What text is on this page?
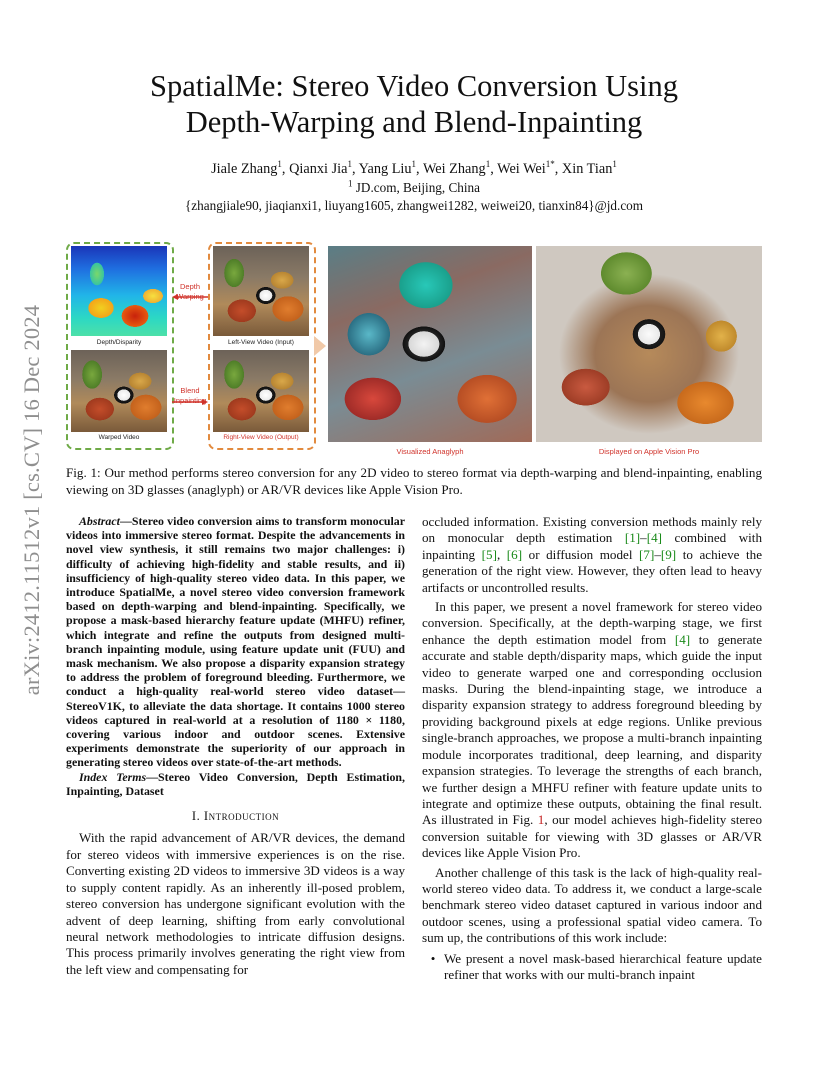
arXiv:2412.11512v1 [cs.CV] 16 Dec 2024
SpatialMe: Stereo Video Conversion Using
Depth-Warping and Blend-Inpainting
Jiale Zhang$^1$, Qianxi Jia$^1$, Yang Liu$^1$, Wei Zhang$^1$, Wei Wei$^{1*}$, Xin Tian$^1$
$^1$ JD.com, Beijing, China
{zhangjiale90, jiaqianxi1, liuyang1605, zhangwei1282, weiwei20, tianxin84}@jd.com
Depth/Disparity
Warped Video
Depth
Warping
Blend
Inpainting
Left-View Video (Input)
Right-View Video (Output)
Visualized Anaglyph	Displayed on Apple Vision Pro
Fig. 1: Our method performs stereo conversion for any 2D video to stereo format via depth-warping and blend-inpainting, enabling viewing on 3D glasses (anaglyph) or AR/VR devices like Apple Vision Pro.

Abstract—Stereo video conversion aims to transform monocular videos into immersive stereo format. Despite the advancements in novel view synthesis, it still remains two major challenges: i) difficulty of achieving high-fidelity and stable results, and ii) insufficiency of high-quality stereo video data. In this paper, we introduce SpatialMe, a novel stereo video conversion framework based on depth-warping and blend-inpainting. Specifically, we propose a mask-based hierarchy feature update (MHFU) refiner, which integrate and refine the outputs from designed multi-branch inpainting module, using feature update unit (FUU) and mask mechanism. We also propose a disparity expansion strategy to address the problem of foreground bleeding. Furthermore, we conduct a high-quality real-world stereo video dataset—StereoV1K, to alleviate the data shortage. It contains 1000 stereo videos captured in real-world at a resolution of 1180 × 1180, covering various indoor and outdoor scenes. Extensive experiments demonstrate the superiority of our approach in generating stereo videos over state-of-the-art methods.

Index Terms—Stereo Video Conversion, Depth Estimation, Inpainting, Dataset

I. Introduction

With the rapid advancement of AR/VR devices, the demand for stereo videos with immersive experiences is on the rise. Converting existing 2D videos to immersive 3D videos is a way to supply content rapidly. As an inherently ill-posed problem, stereo conversion has undergone significant evolution with the advent of deep learning, shifting from early convolutional neural network methodologies to intricate diffusion designs. This process primarily involves generating the right view from the left view and compensating for

occluded information. Existing conversion methods mainly rely on monocular depth estimation [1]–[4] combined with inpainting [5], [6] or diffusion model [7]–[9] to achieve the generation of the right view. However, they often lead to heavy artifacts or uncontrolled results.

In this paper, we present a novel framework for stereo video conversion. Specifically, at the depth-warping stage, we first enhance the depth estimation model from [4] to generate accurate and stable depth/disparity maps, which guide the input video to generate warped one and corresponding occlusion masks. During the blend-inpainting stage, we introduce a disparity expansion strategy to address foreground bleeding by providing background pixels at edge regions. Unlike previous single-branch approaches, we propose a multi-branch inpainting module incorporates traditional, deep learning, and disparity expansion strategies. To leverage the strengths of each branch, we further design a MHFU refiner with feature update units to integrate and optimize these outputs, obtaining the final result. As illustrated in Fig. 1, our model achieves high-fidelity stereo conversion suitable for viewing with 3D glasses or AR/VR devices like Apple Vision Pro.

Another challenge of this task is the lack of high-quality real-world stereo video data. To address it, we conduct a large-scale benchmark stereo video dataset captured in various indoor and outdoor scenes, using a professional spatial video camera. To sum up, the contributions of this work include:

• We present a novel mask-based hierarchical feature update refiner that works with our multi-branch inpaint
